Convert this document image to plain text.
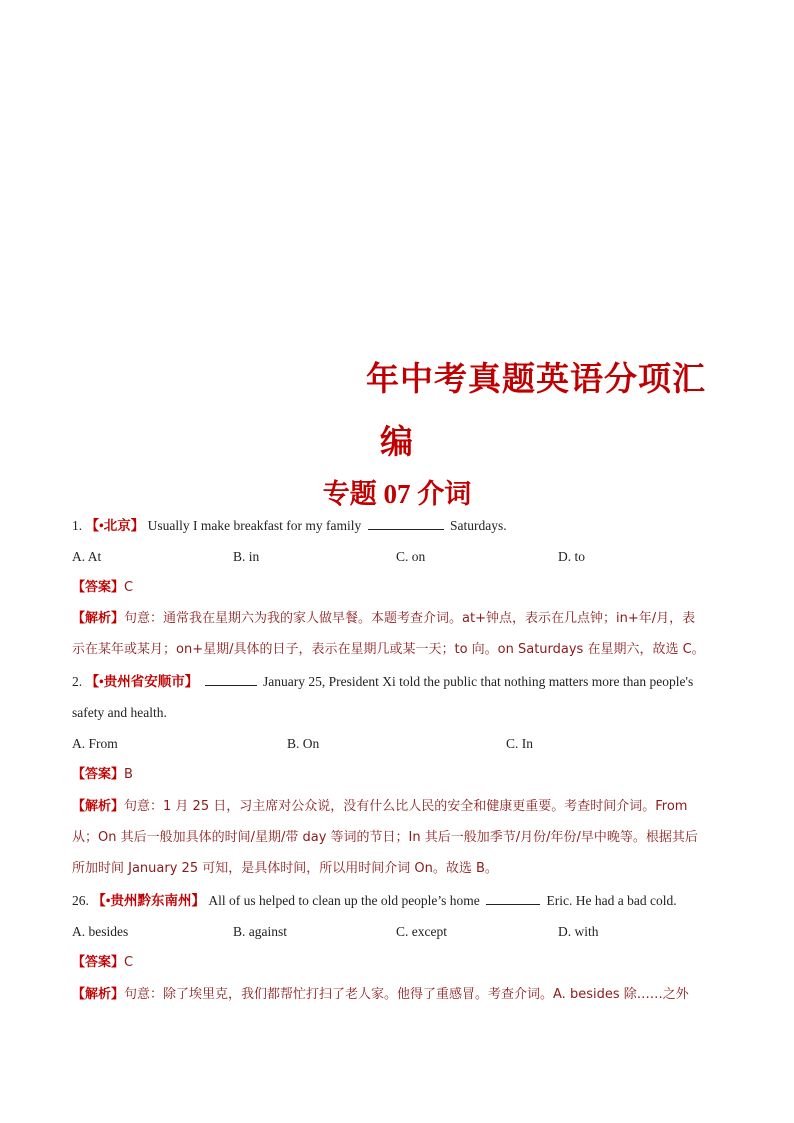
年中考真题英语分项汇
编
专题 07 介词
1. 【•北京】 Usually I make breakfast for my family	Saturdays.
A. At	B. in	C. on	D. to
【答案】C
【解析】句意：通常我在星期六为我的家人做早餐。本题考查介词。at+钟点，表示在几点钟；in+年/月，表
示在某年或某月；on+星期/具体的日子，表示在星期几或某一天；to 向。on Saturdays 在星期六，故选 C。
2. 【•贵州省安顺市】	January 25, President Xi told the public that nothing matters more than people's
safety and health.
A. From	B. On	C. In
【答案】B
【解析】句意：1 月 25 日，习主席对公众说，没有什么比人民的安全和健康更重要。考查时间介词。From
从；On 其后一般加具体的时间/星期/带 day 等词的节日；In 其后一般加季节/月份/年份/早中晚等。根据其后
所加时间 January 25 可知，是具体时间，所以用时间介词 On。故选 B。
26. 【•贵州黔东南州】 All of us helped to clean up the old people’s home	Eric. He had a bad cold.
A. besides	B. against	C. except	D. with
【答案】C
【解析】句意：除了埃里克，我们都帮忙打扫了老人家。他得了重感冒。考查介词。A. besides 除……之外
